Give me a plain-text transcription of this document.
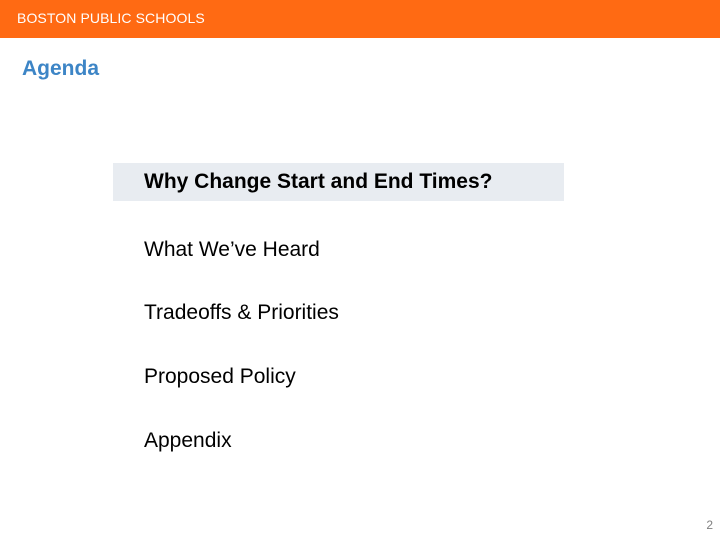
BOSTON PUBLIC SCHOOLS
Agenda
Why Change Start and End Times?
What We’ve Heard
Tradeoffs & Priorities
Proposed Policy
Appendix
2
